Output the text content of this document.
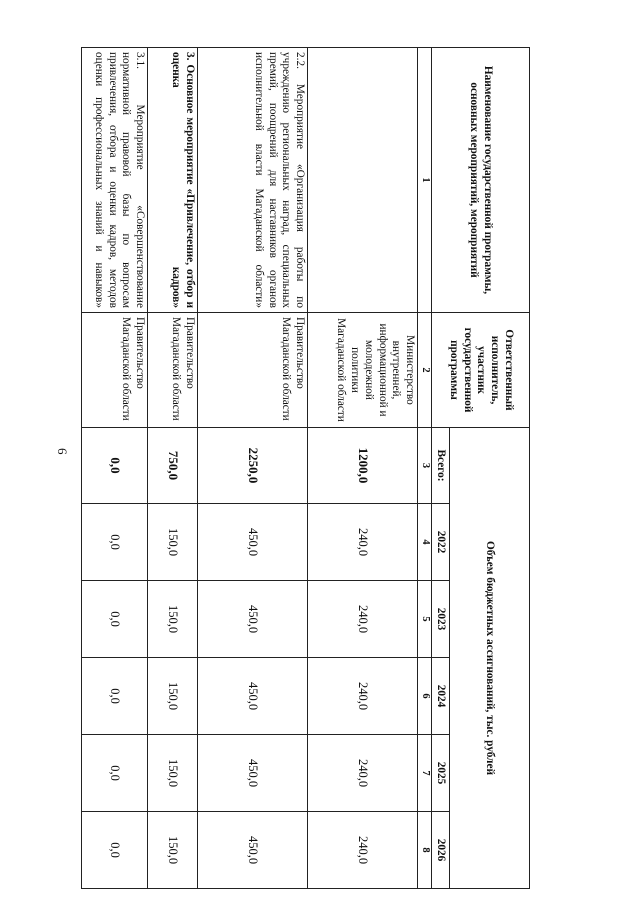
6
Наименование государственной программы, основных мероприятий, мероприятий	Ответственный исполнитель, участник государственной программы	Объем бюджетных ассигнований, тыс. рублей					
		Всего:	2022	2023	2024	2025	2026
1	2	3	4	5	6	7	8
	Министерство внутренней, информационной и молодежной политики Магаданской области	1200,0	240,0	240,0	240,0	240,0	240,0
2.2. Мероприятие «Организация работы по учреждению региональных наград, специальных премий, поощрений для наставников органов исполнительной власти Магаданской области»	Правительство Магаданской области	2250,0	450,0	450,0	450,0	450,0	450,0
3. Основное мероприятие «Привлечение, отбор и оценка кадров»	Правительство Магаданской области	750,0	150,0	150,0	150,0	150,0	150,0
3.1. Мероприятие «Совершенствование нормативной правовой базы по вопросам привлечения, отбора и оценки кадров, методов оценки профессиональных знаний и навыков»	Правительство Магаданской области	0,0	0,0	0,0	0,0	0,0	0,0
